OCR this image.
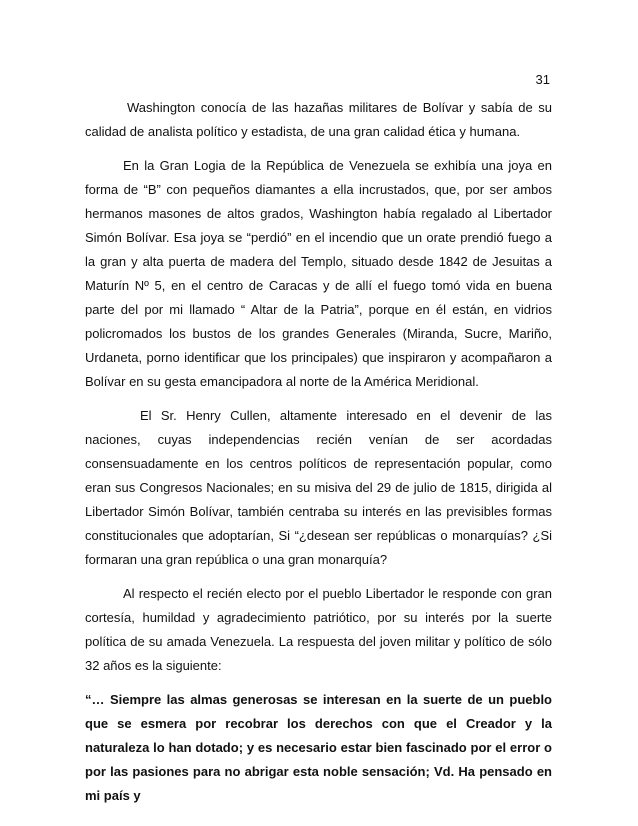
31

Washington conocía de las hazañas militares de Bolívar y sabía de su calidad de analista político y estadista, de una gran calidad ética y humana.

En la Gran Logia de la República de Venezuela se exhibía una joya en forma de “B” con pequeños diamantes a ella incrustados, que, por ser ambos hermanos masones de altos grados, Washington había regalado al Libertador Simón Bolívar. Esa joya se “perdió” en el incendio que un orate prendió fuego a la gran y alta puerta de madera del Templo, situado desde 1842 de Jesuitas a Maturín Nº 5, en el centro de Caracas y de allí el fuego tomó vida en buena parte del por mi llamado “ Altar de la Patria”, porque en él están, en vidrios policromados los bustos de los grandes Generales (Miranda, Sucre, Mariño, Urdaneta, porno identificar que los principales) que inspiraron y acompañaron a Bolívar en su gesta emancipadora al norte de la América Meridional.

El Sr. Henry Cullen, altamente interesado en el devenir de las naciones, cuyas independencias recién venían de ser acordadas consensuadamente en los centros políticos de representación popular, como eran sus Congresos Nacionales; en su misiva del 29 de julio de 1815, dirigida al Libertador Simón Bolívar, también centraba su interés en las previsibles formas constitucionales que adoptarían, Si “¿desean ser repúblicas o monarquías? ¿Si formaran una gran república o una gran monarquía?

Al respecto el recién electo por el pueblo Libertador le responde con gran cortesía, humildad y agradecimiento patriótico, por su interés por la suerte política de su amada Venezuela. La respuesta del joven militar y político de sólo 32 años es la siguiente:

“… Siempre las almas generosas se interesan en la suerte de un pueblo que se esmera por recobrar los derechos con que el Creador y la naturaleza lo han dotado; y es necesario estar bien fascinado por el error o por las pasiones para no abrigar esta noble sensación; Vd. Ha pensado en mi país y
